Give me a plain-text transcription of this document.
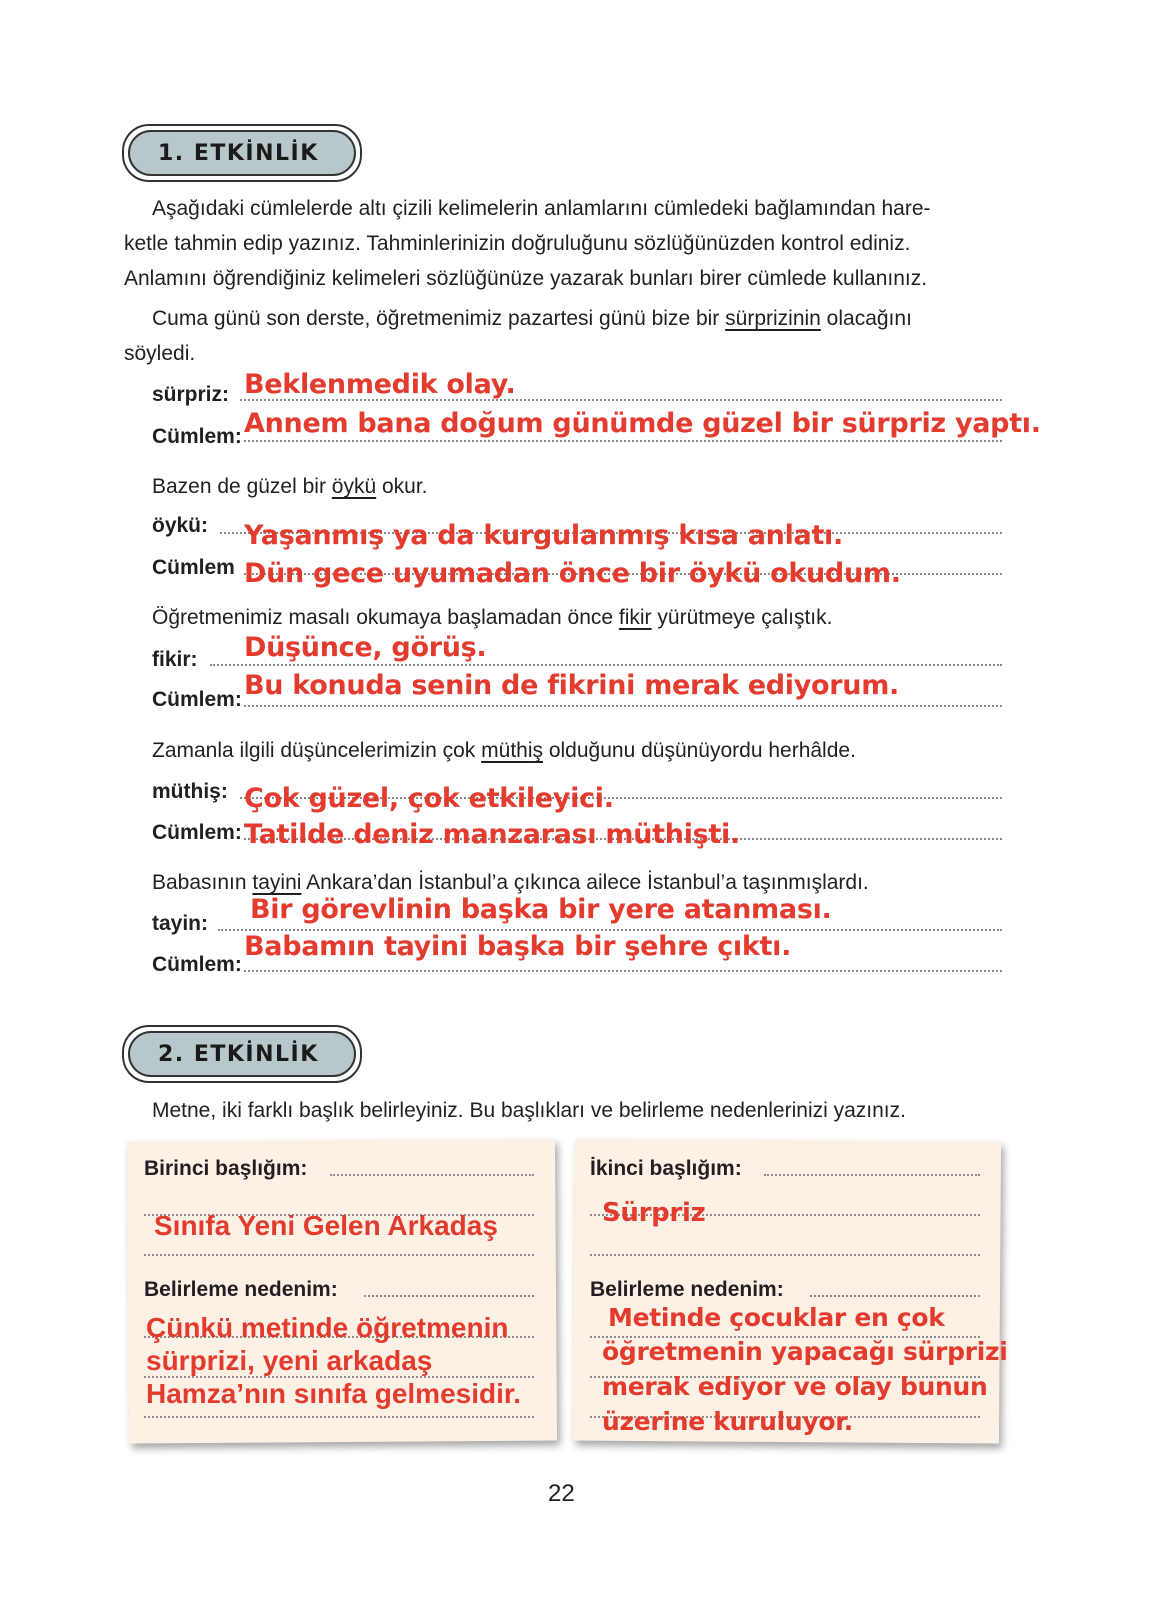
1. ETKİNLİK
Aşağıdaki cümlelerde altı çizili kelimelerin anlamlarını cümledeki bağlamından hare-
ketle tahmin edip yazınız. Tahminlerinizin doğruluğunu sözlüğünüzden kontrol ediniz.
Anlamını öğrendiğiniz kelimeleri sözlüğünüze yazarak bunları birer cümlede kullanınız.
Cuma günü son derste, öğretmenimiz pazartesi günü bize bir sürprizinin olacağını
söyledi.
sürpriz: Beklenmedik olay.
Cümlem: Annem bana doğum günümde güzel bir sürpriz yaptı.
Bazen de güzel bir öykü okur.
öykü: Yaşanmış ya da kurgulanmış kısa anlatı.
Cümlem Dün gece uyumadan önce bir öykü okudum.
Öğretmenimiz masalı okumaya başlamadan önce fikir yürütmeye çalıştık.
fikir: Düşünce, görüş.
Cümlem: Bu konuda senin de fikrini merak ediyorum.
Zamanla ilgili düşüncelerimizin çok müthiş olduğunu düşünüyordu herhâlde.
müthiş: Çok güzel, çok etkileyici.
Cümlem: Tatilde deniz manzarası müthişti.
Babasının tayini Ankara’dan İstanbul’a çıkınca ailece İstanbul’a taşınmışlardı.
tayin: Bir görevlinin başka bir yere atanması.
Cümlem:
Babamın tayini başka bir şehre çıktı.
2. ETKİNLİK
Metne, iki farklı başlık belirleyiniz. Bu başlıkları ve belirleme nedenlerinizi yazınız.
Birinci başlığım:
Sınıfa Yeni Gelen Arkadaş
Belirleme nedenim:
Çünkü metinde öğretmenin
sürprizi, yeni arkadaş
Hamza’nın sınıfa gelmesidir.
İkinci başlığım:
Sürpriz
Belirleme nedenim:
Metinde çocuklar en çok
öğretmenin yapacağı sürprizi
merak ediyor ve olay bunun
üzerine kuruluyor.
22
